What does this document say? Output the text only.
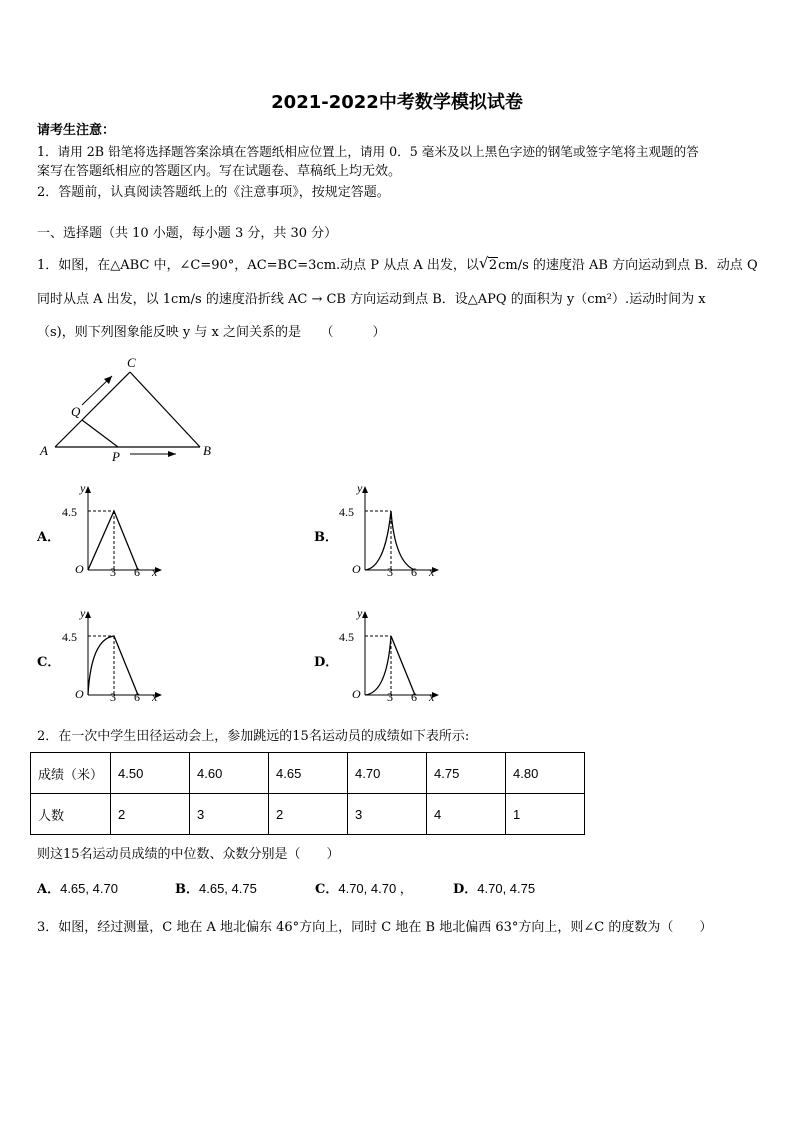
2021-2022中考数学模拟试卷
请考生注意：
1．请用 2B 铅笔将选择题答案涂填在答题纸相应位置上，请用 0．5 毫米及以上黑色字迹的钢笔或签字笔将主观题的答
案写在答题纸相应的答题区内。写在试题卷、草稿纸上均无效。
2．答题前，认真阅读答题纸上的《注意事项》，按规定答题。
一、选择题（共 10 小题，每小题 3 分，共 30 分）
1．如图，在△ABC 中，∠C=90°，AC=BC=3cm.动点 P 从点 A 出发，以 √ 2cm/s 的速度沿 AB 方向运动到点 B．动点 Q
同时从点 A 出发，以 1cm/s 的速度沿折线 AC → CB 方向运动到点 B．设△APQ 的面积为 y（cm²）.运动时间为 x
（s)，则下列图象能反映 y 与 x 之间关系的是　　（　　　）
C
Q
A	P	B
A．	B．
C．	D．
y
4.5
O 3 6 x
y
4.5
O 3 6 x
y
4.5
O 3 6 x
y
4.5
O 3 6 x
2．在一次中学生田径运动会上，参加跳远的15名运动员的成绩如下表所示:
成绩（米）	4.50	4.60	4.65	4.70	4.75	4.80
人数	2	3	2	3	4	1
则这15名运动员成绩的中位数、众数分别是（　　）
A．4.65, 4.70	B．4.65, 4.75	C．4.70, 4.70 ，	D．4.70, 4.75
3．如图，经过测量，C 地在 A 地北偏东 46°方向上，同时 C 地在 B 地北偏西 63°方向上，则∠C 的度数为（　　）
